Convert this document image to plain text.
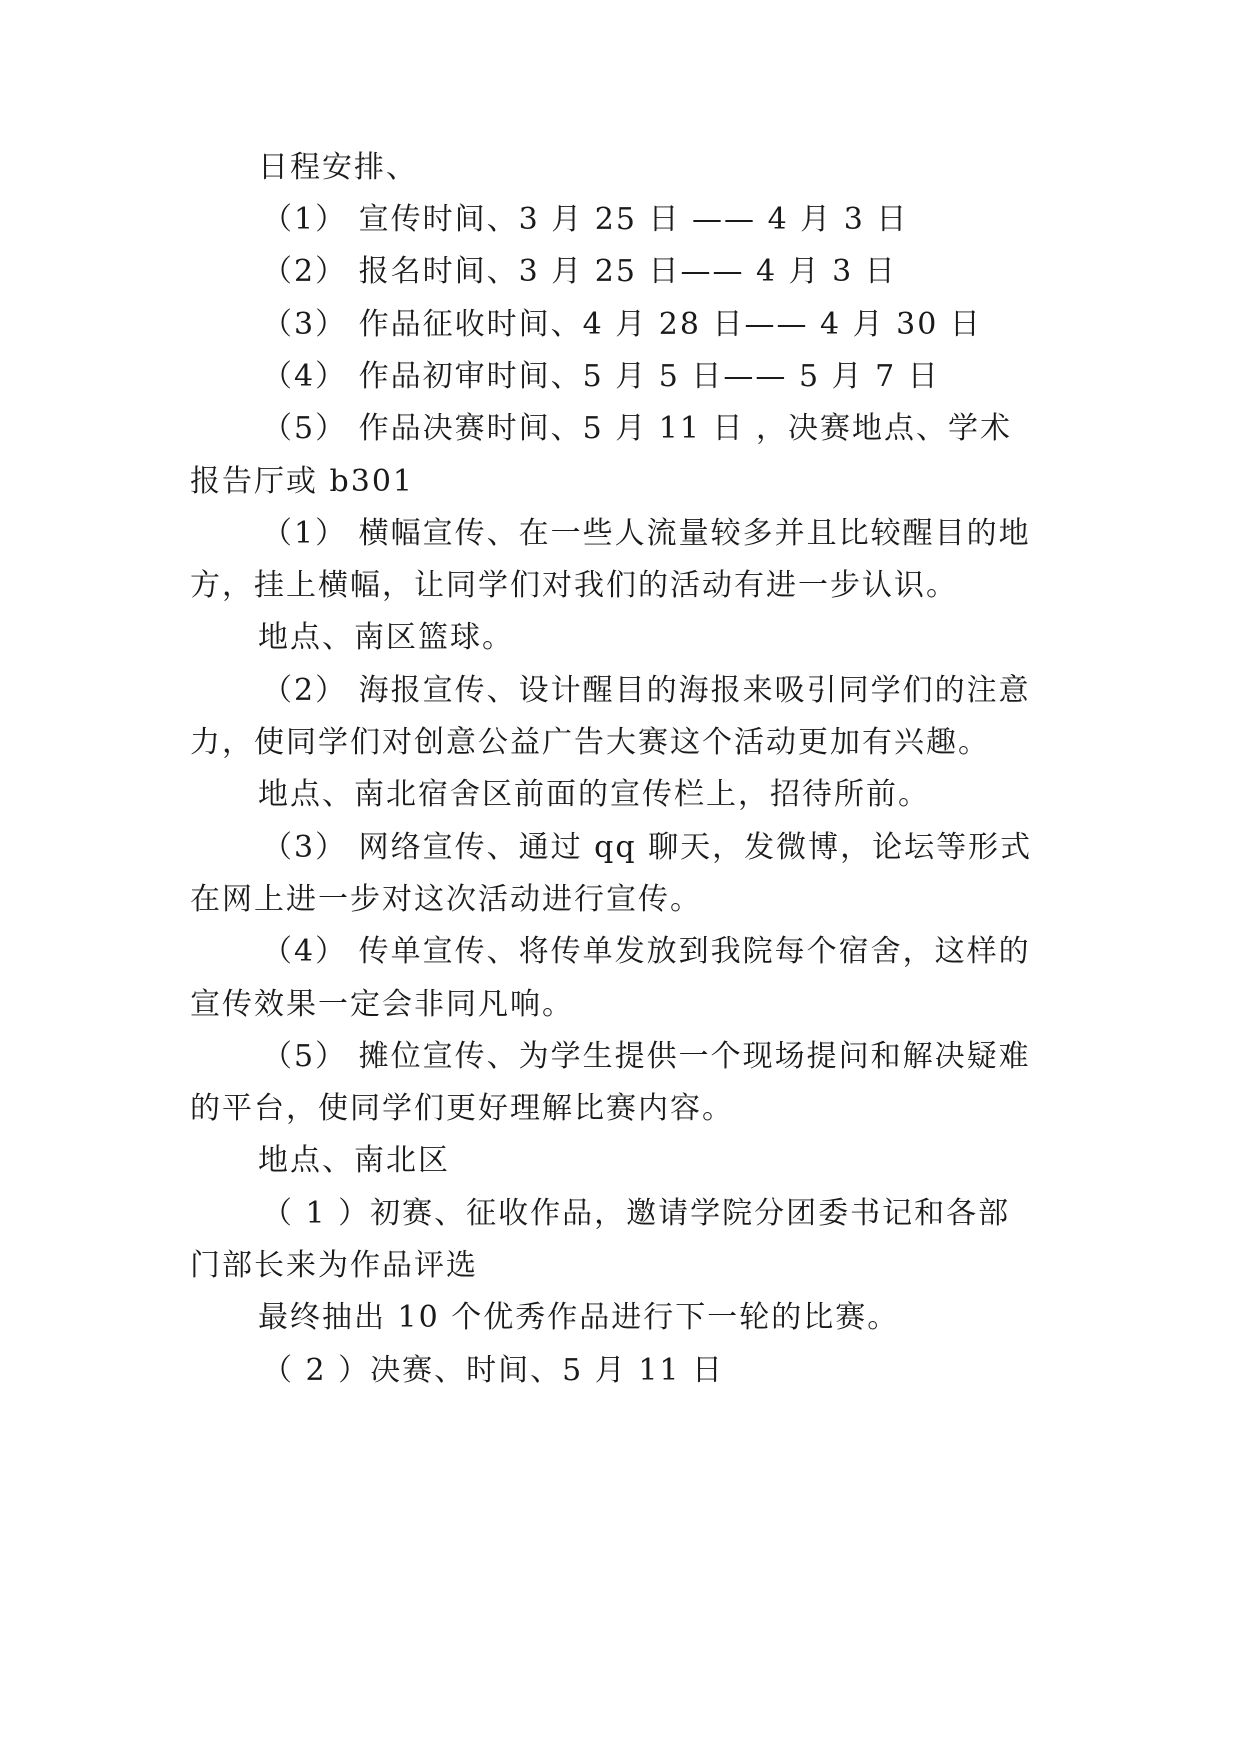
日程安排、
（1） 宣传时间、3 月 25 日 —— 4 月 3 日
（2） 报名时间、3 月 25 日—— 4 月 3 日
（3） 作品征收时间、4 月 28 日—— 4 月 30 日
（4） 作品初审时间、5 月 5 日—— 5 月 7 日
（5） 作品决赛时间、5 月 11 日 ，决赛地点、学术
报告厅或 b301
（1） 横幅宣传、在一些人流量较多并且比较醒目的地
方，挂上横幅，让同学们对我们的活动有进一步认识。
地点、南区篮球。
（2） 海报宣传、设计醒目的海报来吸引同学们的注意
力，使同学们对创意公益广告大赛这个活动更加有兴趣。
地点、南北宿舍区前面的宣传栏上，招待所前。
（3） 网络宣传、通过 qq 聊天，发微博，论坛等形式
在网上进一步对这次活动进行宣传。
（4） 传单宣传、将传单发放到我院每个宿舍，这样的
宣传效果一定会非同凡响。
（5） 摊位宣传、为学生提供一个现场提问和解决疑难
的平台，使同学们更好理解比赛内容。
地点、南北区
（ 1 ）初赛、征收作品，邀请学院分团委书记和各部
门部长来为作品评选
最终抽出 10 个优秀作品进行下一轮的比赛。
（ 2 ）决赛、时间、5 月 11 日
